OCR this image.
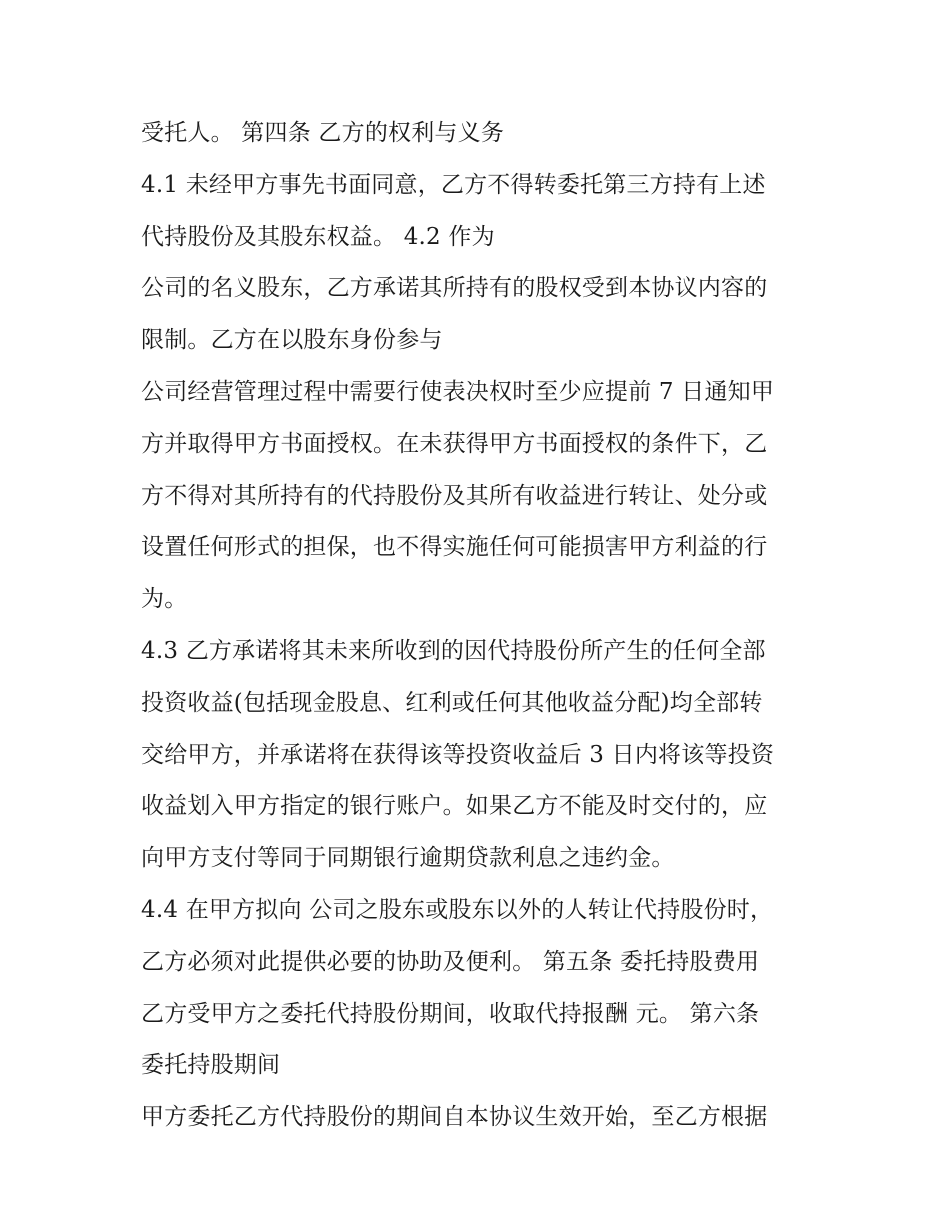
受托人。 第四条 乙方的权利与义务
4.1 未经甲方事先书面同意，乙方不得转委托第三方持有上述
代持股份及其股东权益。 4.2 作为
公司的名义股东，乙方承诺其所持有的股权受到本协议内容的
限制。乙方在以股东身份参与
公司经营管理过程中需要行使表决权时至少应提前 7 日通知甲
方并取得甲方书面授权。在未获得甲方书面授权的条件下，乙
方不得对其所持有的代持股份及其所有收益进行转让、处分或
设置任何形式的担保，也不得实施任何可能损害甲方利益的行
为。
4.3 乙方承诺将其未来所收到的因代持股份所产生的任何全部
投资收益(包括现金股息、红利或任何其他收益分配)均全部转
交给甲方，并承诺将在获得该等投资收益后 3 日内将该等投资
收益划入甲方指定的银行账户。如果乙方不能及时交付的，应
向甲方支付等同于同期银行逾期贷款利息之违约金。
4.4 在甲方拟向 公司之股东或股东以外的人转让代持股份时，
乙方必须对此提供必要的协助及便利。 第五条 委托持股费用
乙方受甲方之委托代持股份期间，收取代持报酬 元。 第六条
委托持股期间
甲方委托乙方代持股份的期间自本协议生效开始，至乙方根据
